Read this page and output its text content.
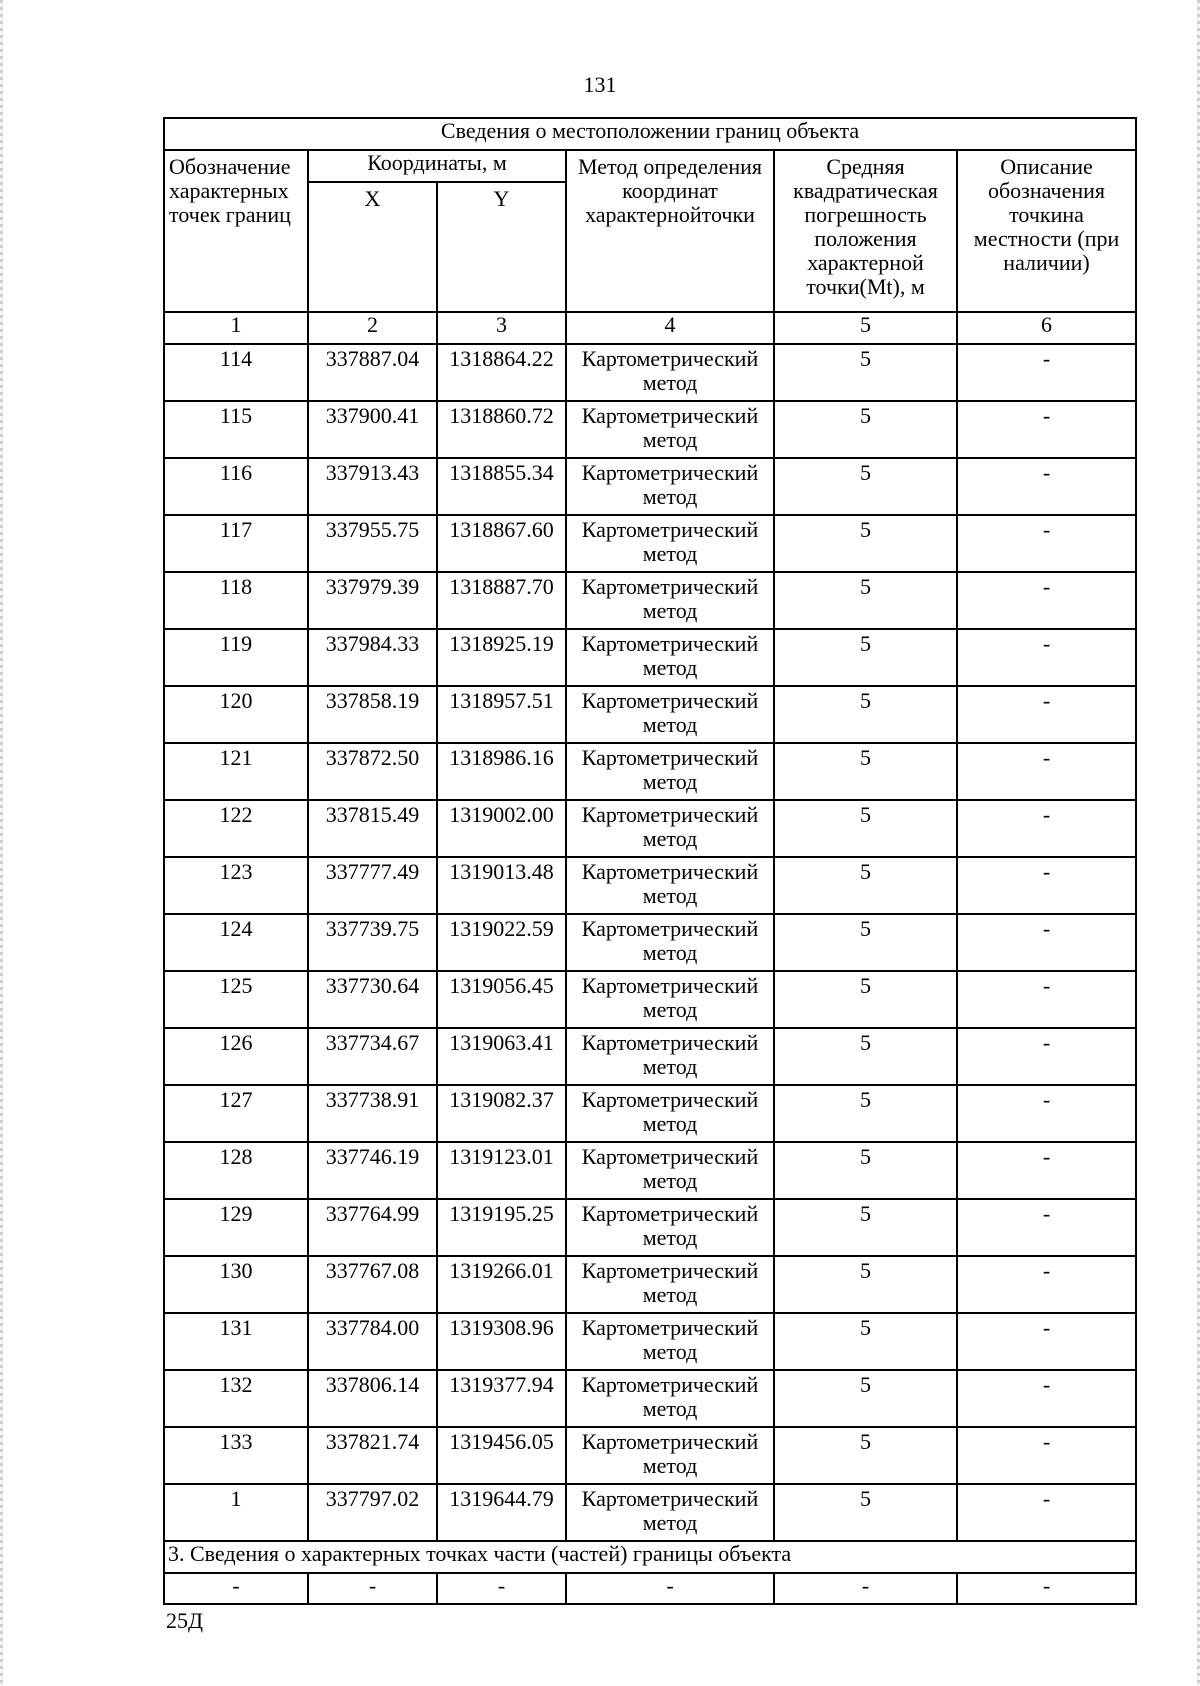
131
Сведения о местоположении границ объекта					
Обозначение характерных точек границ	Координаты, м		Метод определения координат характернойточки	Средняя квадратическая погрешность положения характерной точки(Mt), м	Описание обозначения точкина местности (при наличии)
	X	Y			
1	2	3	4	5	6
114	337887.04	1318864.22	Картометрический метод	5	-
115	337900.41	1318860.72	Картометрический метод	5	-
116	337913.43	1318855.34	Картометрический метод	5	-
117	337955.75	1318867.60	Картометрический метод	5	-
118	337979.39	1318887.70	Картометрический метод	5	-
119	337984.33	1318925.19	Картометрический метод	5	-
120	337858.19	1318957.51	Картометрический метод	5	-
121	337872.50	1318986.16	Картометрический метод	5	-
122	337815.49	1319002.00	Картометрический метод	5	-
123	337777.49	1319013.48	Картометрический метод	5	-
124	337739.75	1319022.59	Картометрический метод	5	-
125	337730.64	1319056.45	Картометрический метод	5	-
126	337734.67	1319063.41	Картометрический метод	5	-
127	337738.91	1319082.37	Картометрический метод	5	-
128	337746.19	1319123.01	Картометрический метод	5	-
129	337764.99	1319195.25	Картометрический метод	5	-
130	337767.08	1319266.01	Картометрический метод	5	-
131	337784.00	1319308.96	Картометрический метод	5	-
132	337806.14	1319377.94	Картометрический метод	5	-
133	337821.74	1319456.05	Картометрический метод	5	-
1	337797.02	1319644.79	Картометрический метод	5	-
3. Сведения о характерных точках части (частей) границы объекта					
-	-	-	-	-	-
25Д
